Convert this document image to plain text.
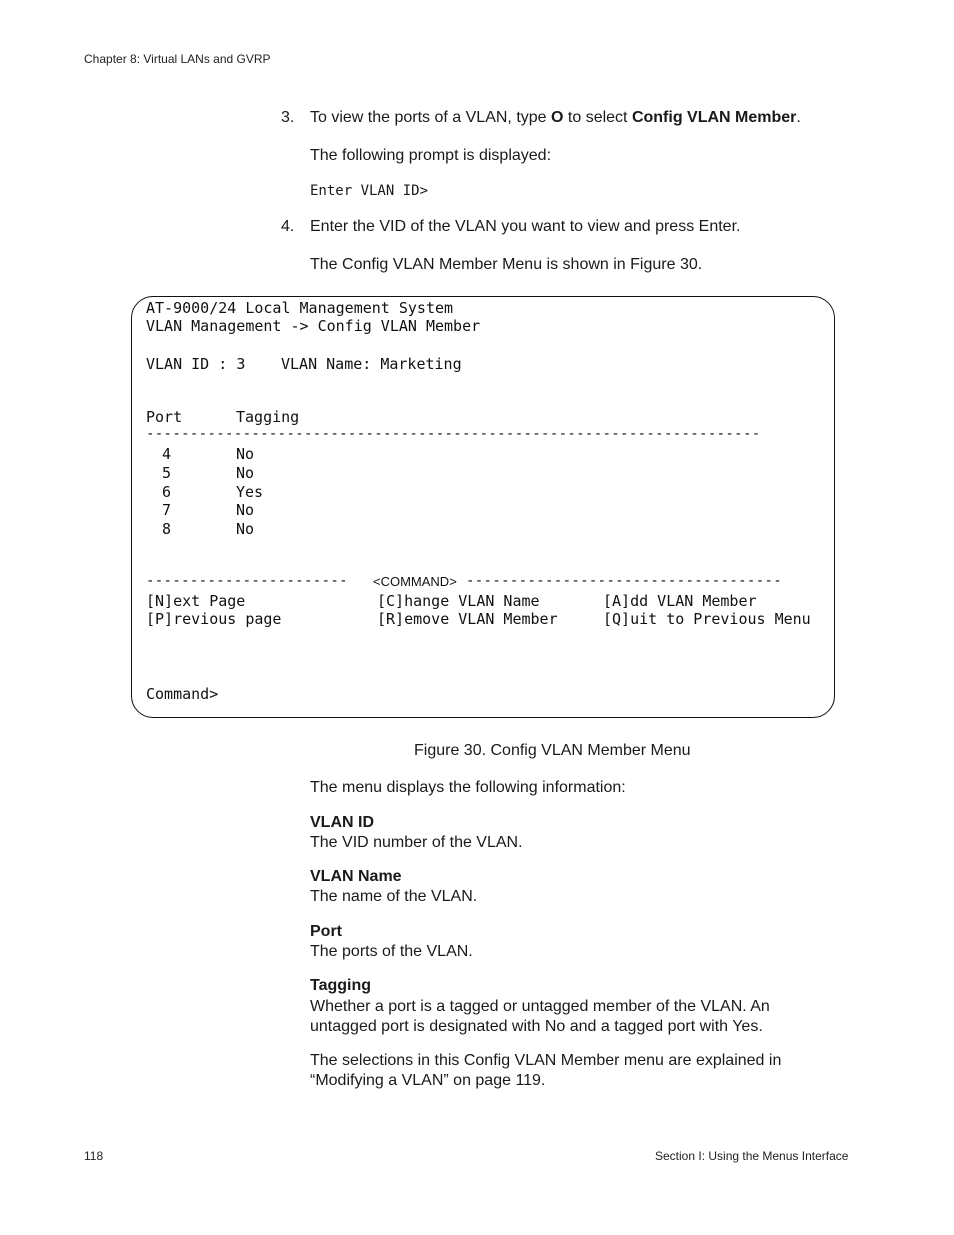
Chapter 8: Virtual LANs and GVRP
3. To view the ports of a VLAN, type O to select Config VLAN Member.
The following prompt is displayed:
Enter VLAN ID>
4. Enter the VID of the VLAN you want to view and press Enter.
The Config VLAN Member Menu is shown in Figure 30.
AT-9000/24 Local Management System
VLAN Management -> Config VLAN Member
VLAN ID : 3 VLAN Name: Marketing
Port	Tagging
----------------------------------------------------------------------
4	No
5	No
6	Yes
7	No
8	No
----------------------- <COMMAND> ------------------------------------
[N]ext Page
[P]revious page
[C]hange VLAN Name
[R]emove VLAN Member
[A]dd VLAN Member
[Q]uit to Previous Menu
Command>
Figure 30. Config VLAN Member Menu
The menu displays the following information:
VLAN ID
The VID number of the VLAN.
VLAN Name
The name of the VLAN.
Port
The ports of the VLAN.
Tagging
Whether a port is a tagged or untagged member of the VLAN. An
untagged port is designated with No and a tagged port with Yes.
The selections in this Config VLAN Member menu are explained in
“Modifying a VLAN” on page 119.
118	Section I: Using the Menus Interface
